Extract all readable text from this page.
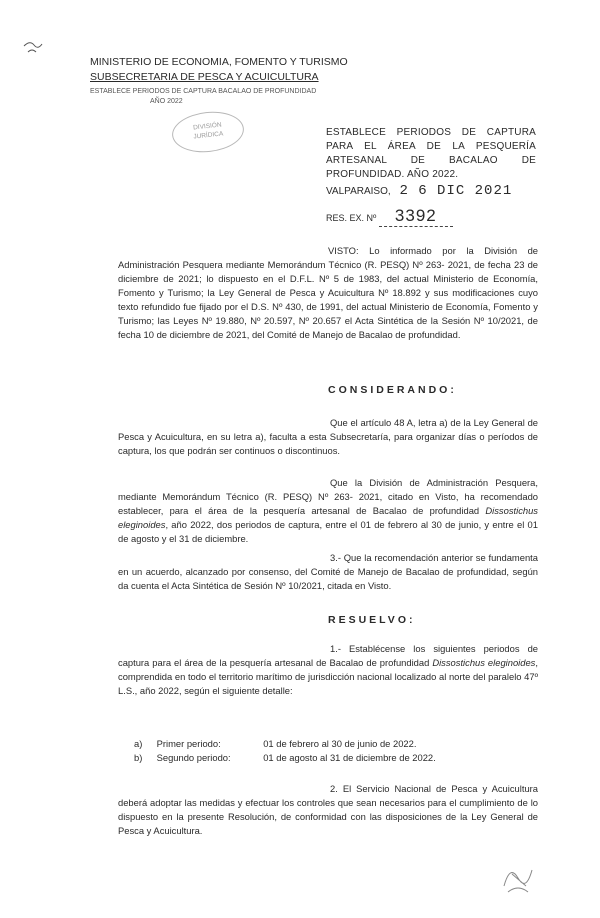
MINISTERIO DE ECONOMIA, FOMENTO Y TURISMO
SUBSECRETARIA DE PESCA Y ACUICULTURA
ESTABLECE PERIODOS DE CAPTURA BACALAO DE PROFUNDIDAD
AÑO 2022
DIVISIÓN
JURÍDICA	ESTABLECE PERIODOS DE CAPTURA PARA EL ÁREA DE LA PESQUERÍA ARTESANAL DE BACALAO DE PROFUNDIDAD. AÑO 2022.
VALPARAISO, 2 6 DIC 2021
RES. EX. Nº 3392
VISTO: Lo informado por la División de Administración Pesquera mediante Memorándum Técnico (R. PESQ) Nº 263- 2021, de fecha 23 de diciembre de 2021; lo dispuesto en el D.F.L. Nº 5 de 1983, del actual Ministerio de Economía, Fomento y Turismo; la Ley General de Pesca y Acuicultura Nº 18.892 y sus modificaciones cuyo texto refundido fue fijado por el D.S. Nº 430, de 1991, del actual Ministerio de Economía, Fomento y Turismo; las Leyes Nº 19.880, Nº 20.597, Nº 20.657 el Acta Sintética de la Sesión Nº 10/2021, de fecha 10 de diciembre de 2021, del Comité de Manejo de Bacalao de profundidad.
CONSIDERANDO:
Que el artículo 48 A, letra a) de la Ley General de Pesca y Acuicultura, en su letra a), faculta a esta Subsecretaría, para organizar días o períodos de captura, los que podrán ser continuos o discontinuos.
Que la División de Administración Pesquera, mediante Memorándum Técnico (R. PESQ) Nº 263- 2021, citado en Visto, ha recomendado establecer, para el área de la pesquería artesanal de Bacalao de profundidad Dissostichus eleginoides, año 2022, dos periodos de captura, entre el 01 de febrero al 30 de junio, y entre el 01 de agosto y el 31 de diciembre.
3.- Que la recomendación anterior se fundamenta en un acuerdo, alcanzado por consenso, del Comité de Manejo de Bacalao de profundidad, según da cuenta el Acta Sintética de Sesión Nº 10/2021, citada en Visto.
RESUELVO:
1.- Establécense los siguientes periodos de captura para el área de la pesquería artesanal de Bacalao de profundidad Dissostichus eleginoides, comprendida en todo el territorio marítimo de jurisdicción nacional localizado al norte del paralelo 47º L.S., año 2022, según el siguiente detalle:
a) Primer periodo:	01 de febrero al 30 de junio de 2022.
b) Segundo periodo:	01 de agosto al 31 de diciembre de 2022.
2. El Servicio Nacional de Pesca y Acuicultura deberá adoptar las medidas y efectuar los controles que sean necesarios para el cumplimiento de lo dispuesto en la presente Resolución, de conformidad con las disposiciones de la Ley General de Pesca y Acuicultura.
